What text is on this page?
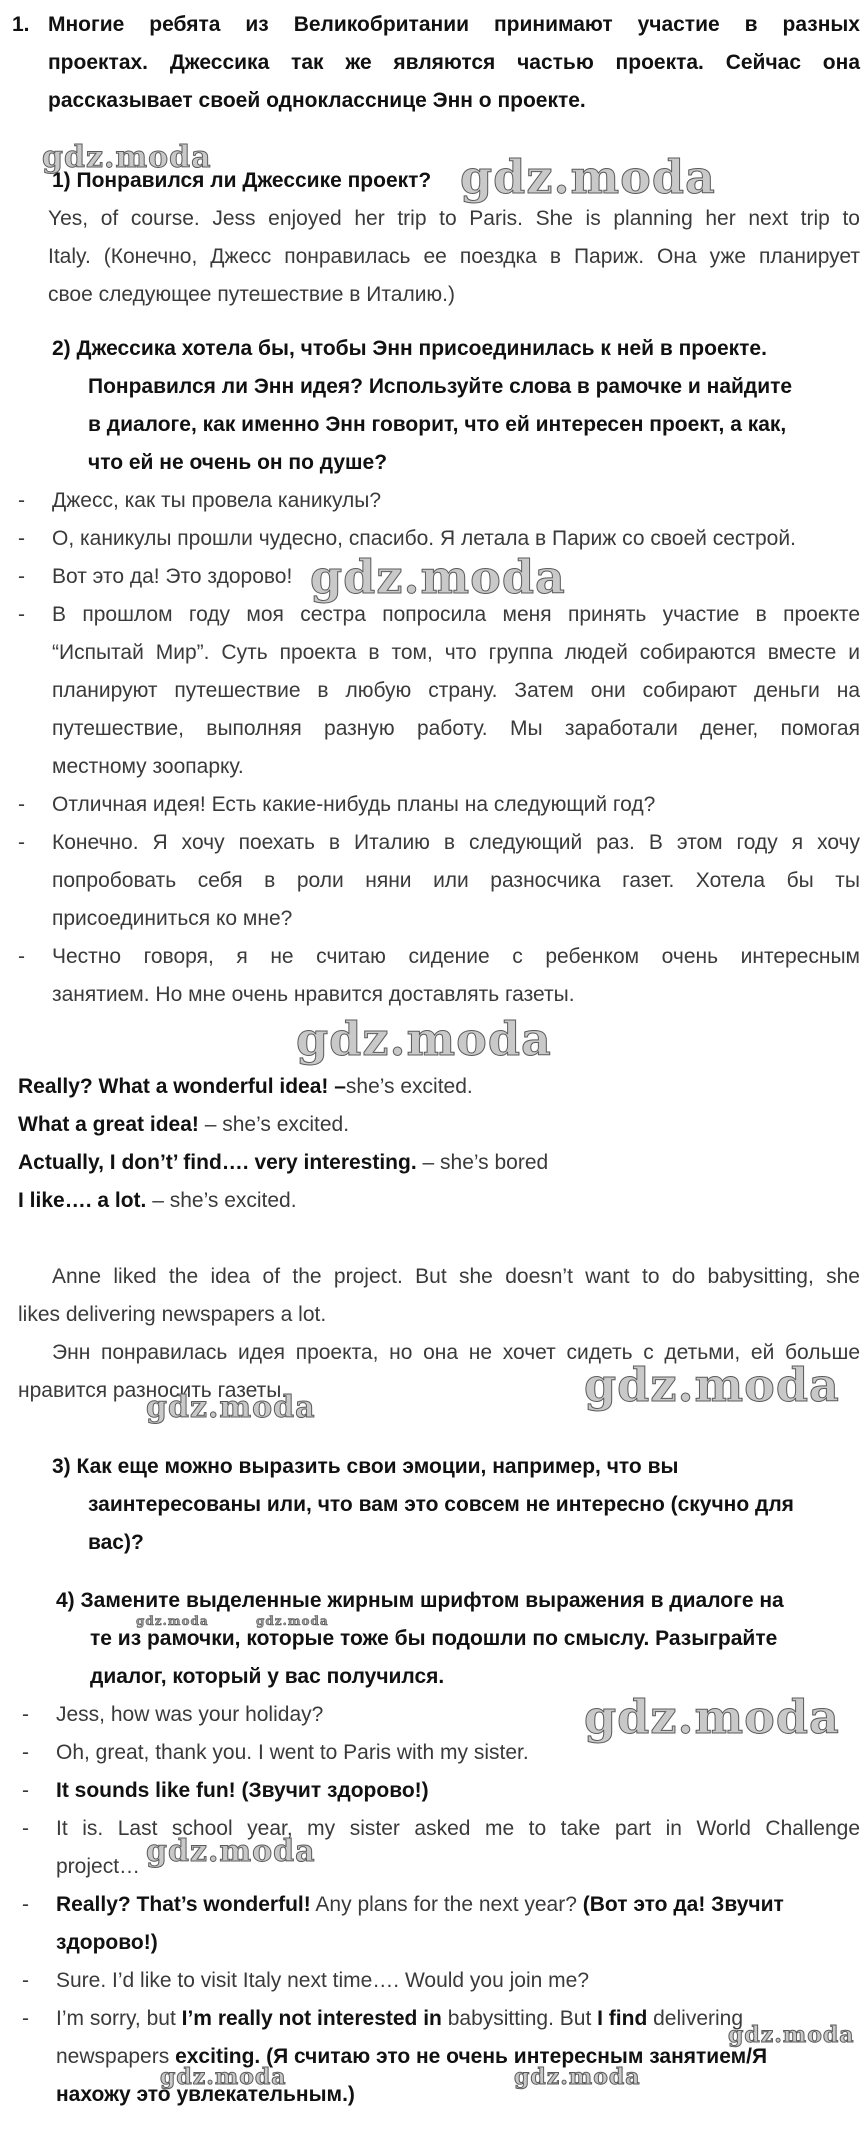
1. Многие ребята из Великобритании принимают участие в разных
проектах. Джессика так же являются частью проекта. Сейчас она
рассказывает своей однокласснице Энн о проекте.
1) Понравился ли Джессике проект?
Yes, of course. Jess enjoyed her trip to Paris. She is planning her next trip to
Italy. (Конечно, Джесс понравилась ее поездка в Париж. Она уже планирует
свое следующее путешествие в Италию.)
2) Джессика хотела бы, чтобы Энн присоединилась к ней в проекте.
Понравился ли Энн идея? Используйте слова в рамочке и найдите
в диалоге, как именно Энн говорит, что ей интересен проект, а как,
что ей не очень он по душе?
- Джесс, как ты провела каникулы?
- О, каникулы прошли чудесно, спасибо. Я летала в Париж со своей сестрой.
- Вот это да! Это здорово!
- В прошлом году моя сестра попросила меня принять участие в проекте
“Испытай Мир”. Суть проекта в том, что группа людей собираются вместе и
планируют путешествие в любую страну. Затем они собирают деньги на
путешествие, выполняя разную работу. Мы заработали денег, помогая
местному зоопарку.
- Отличная идея! Есть какие-нибудь планы на следующий год?
- Конечно. Я хочу поехать в Италию в следующий раз. В этом году я хочу
попробовать себя в роли няни или разносчика газет. Хотела бы ты
присоединиться ко мне?
- Честно говоря, я не считаю сидение с ребенком очень интересным
занятием. Но мне очень нравится доставлять газеты.
Really? What a wonderful idea! –she’s excited.
What a great idea! – she’s excited.
Actually, I don’t’ find…. very interesting. – she’s bored
I like…. a lot. – she’s excited.
Anne liked the idea of the project. But she doesn’t want to do babysitting, she
likes delivering newspapers a lot.
Энн понравилась идея проекта, но она не хочет сидеть с детьми, ей больше
нравится разносить газеты.
3) Как еще можно выразить свои эмоции, например, что вы
заинтересованы или, что вам это совсем не интересно (скучно для
вас)?
4) Замените выделенные жирным шрифтом выражения в диалоге на
те из рамочки, которые тоже бы подошли по смыслу. Разыграйте
диалог, который у вас получился.
- Jess, how was your holiday?
- Oh, great, thank you. I went to Paris with my sister.
- It sounds like fun! (Звучит здорово!)
- It is. Last school year, my sister asked me to take part in World Challenge
project…
- Really? That’s wonderful! Any plans for the next year? (Вот это да! Звучит
здорово!)
- Sure. I’d like to visit Italy next time…. Would you join me?
- I’m sorry, but I’m really not interested in babysitting. But I find delivering
newspapers exciting. (Я считаю это не очень интересным занятием/Я
нахожу это увлекательным.)
gdz.moda	gdz.moda
gdz.moda
gdz.moda
gdz.moda
gdz.moda
gdz.moda	gdz.moda
gdz.moda
gdz.moda
gdz.moda
gdz.moda	gdz.moda
